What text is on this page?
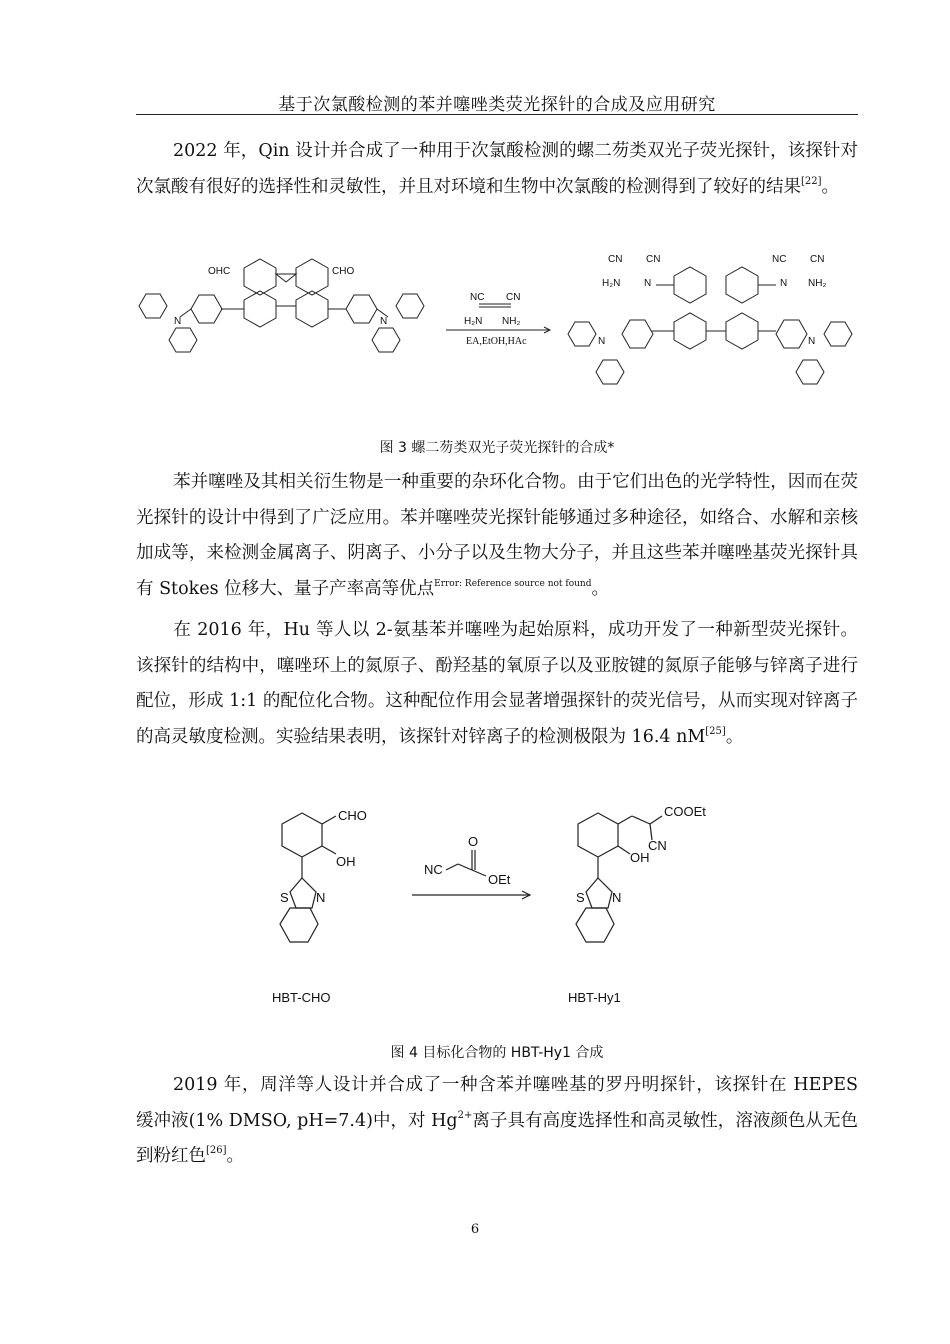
基于次氯酸检测的苯并噻唑类荧光探针的合成及应用研究

2022 年，Qin 设计并合成了一种用于次氯酸检测的螺二芴类双光子荧光探针，该探针对次氯酸有很好的选择性和灵敏性，并且对环境和生物中次氯酸的检测得到了较好的结果[22]。

OHC	CHO
N	N
NC CN
H₂N NH₂
EA,EtOH,HAc
CN CN
H₂N N
NC CN
N NH₂
N	N
图 3 螺二芴类双光子荧光探针的合成*

苯并噻唑及其相关衍生物是一种重要的杂环化合物。由于它们出色的光学特性，因而在荧光探针的设计中得到了广泛应用。苯并噻唑荧光探针能够通过多种途径，如络合、水解和亲核加成等，来检测金属离子、阴离子、小分子以及生物大分子，并且这些苯并噻唑基荧光探针具有 Stokes 位移大、量子产率高等优点$^{Error: Reference source not found}$。

在 2016 年，Hu 等人以 2-氨基苯并噻唑为起始原料，成功开发了一种新型荧光探针。该探针的结构中，噻唑环上的氮原子、酚羟基的氧原子以及亚胺键的氮原子能够与锌离子进行配位，形成 1:1 的配位化合物。这种配位作用会显著增强探针的荧光信号，从而实现对锌离子的高灵敏度检测。实验结果表明，该探针对锌离子的检测极限为 16.4 nM[25]。

CHO
OH
S N
NC
O
OEt
COOEt
CN
OH
S N
HBT-CHO	HBT-Hy1
图 4 目标化合物的 HBT-Hy1 合成

2019 年，周洋等人设计并合成了一种含苯并噻唑基的罗丹明探针，该探针在 HEPES 缓冲液(1% DMSO, pH=7.4)中，对 $Hg^{2+}$离子具有高度选择性和高灵敏性，溶液颜色从无色到粉红色[26]。

6
